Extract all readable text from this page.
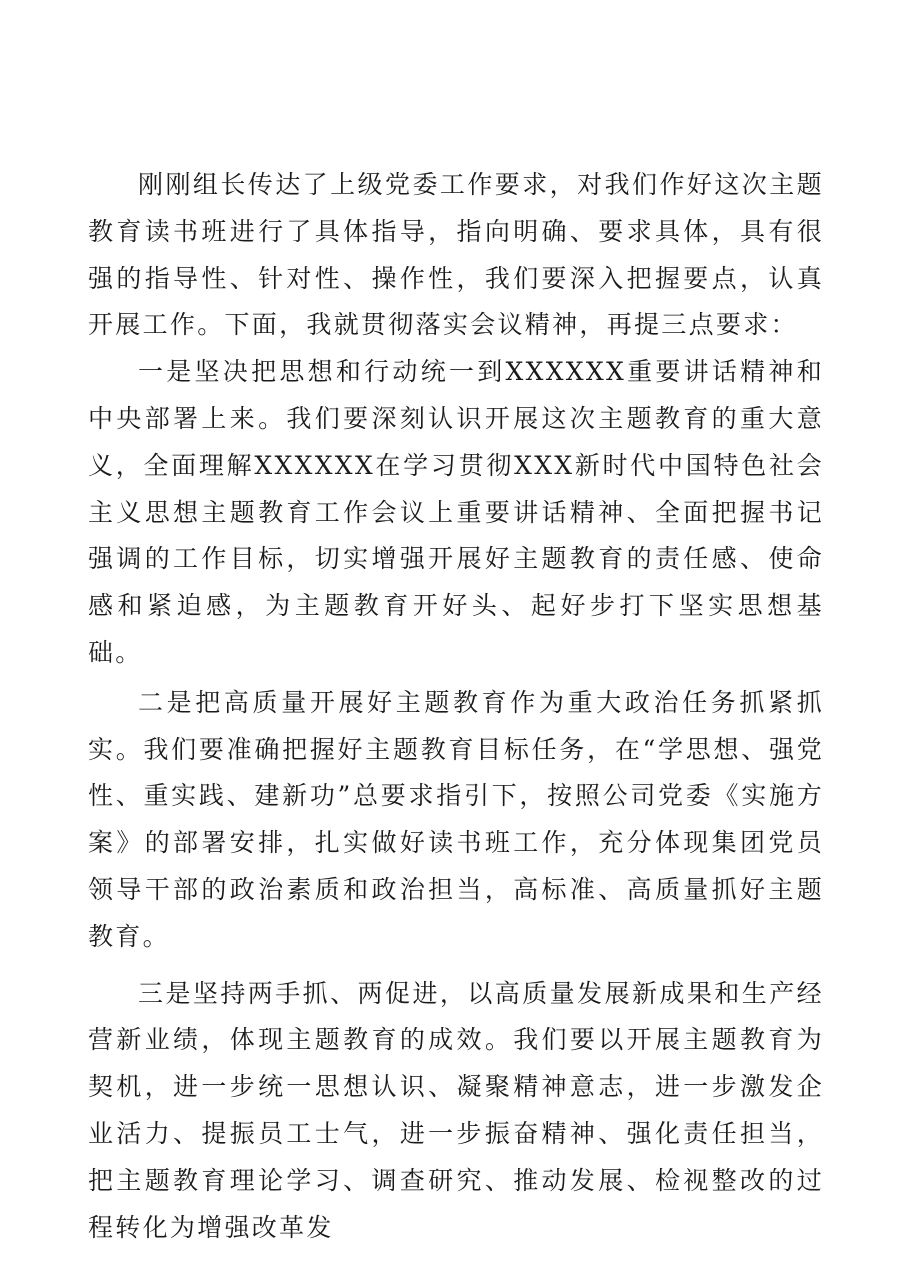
刚刚组长传达了上级党委工作要求，对我们作好这次主题教育读书班进行了具体指导，指向明确、要求具体，具有很强的指导性、针对性、操作性，我们要深入把握要点，认真开展工作。下面，我就贯彻落实会议精神，再提三点要求：

一是坚决把思想和行动统一到XXXXXX重要讲话精神和中央部署上来。我们要深刻认识开展这次主题教育的重大意义，全面理解XXXXXX在学习贯彻XXX新时代中国特色社会主义思想主题教育工作会议上重要讲话精神、全面把握书记强调的工作目标，切实增强开展好主题教育的责任感、使命感和紧迫感，为主题教育开好头、起好步打下坚实思想基础。

二是把高质量开展好主题教育作为重大政治任务抓紧抓实。我们要准确把握好主题教育目标任务，在“学思想、强党性、重实践、建新功”总要求指引下，按照公司党委《实施方案》的部署安排，扎实做好读书班工作，充分体现集团党员领导干部的政治素质和政治担当，高标准、高质量抓好主题教育。

三是坚持两手抓、两促进，以高质量发展新成果和生产经营新业绩，体现主题教育的成效。我们要以开展主题教育为契机，进一步统一思想认识、凝聚精神意志，进一步激发企业活力、提振员工士气，进一步振奋精神、强化责任担当，把主题教育理论学习、调查研究、推动发展、检视整改的过程转化为增强改革发
